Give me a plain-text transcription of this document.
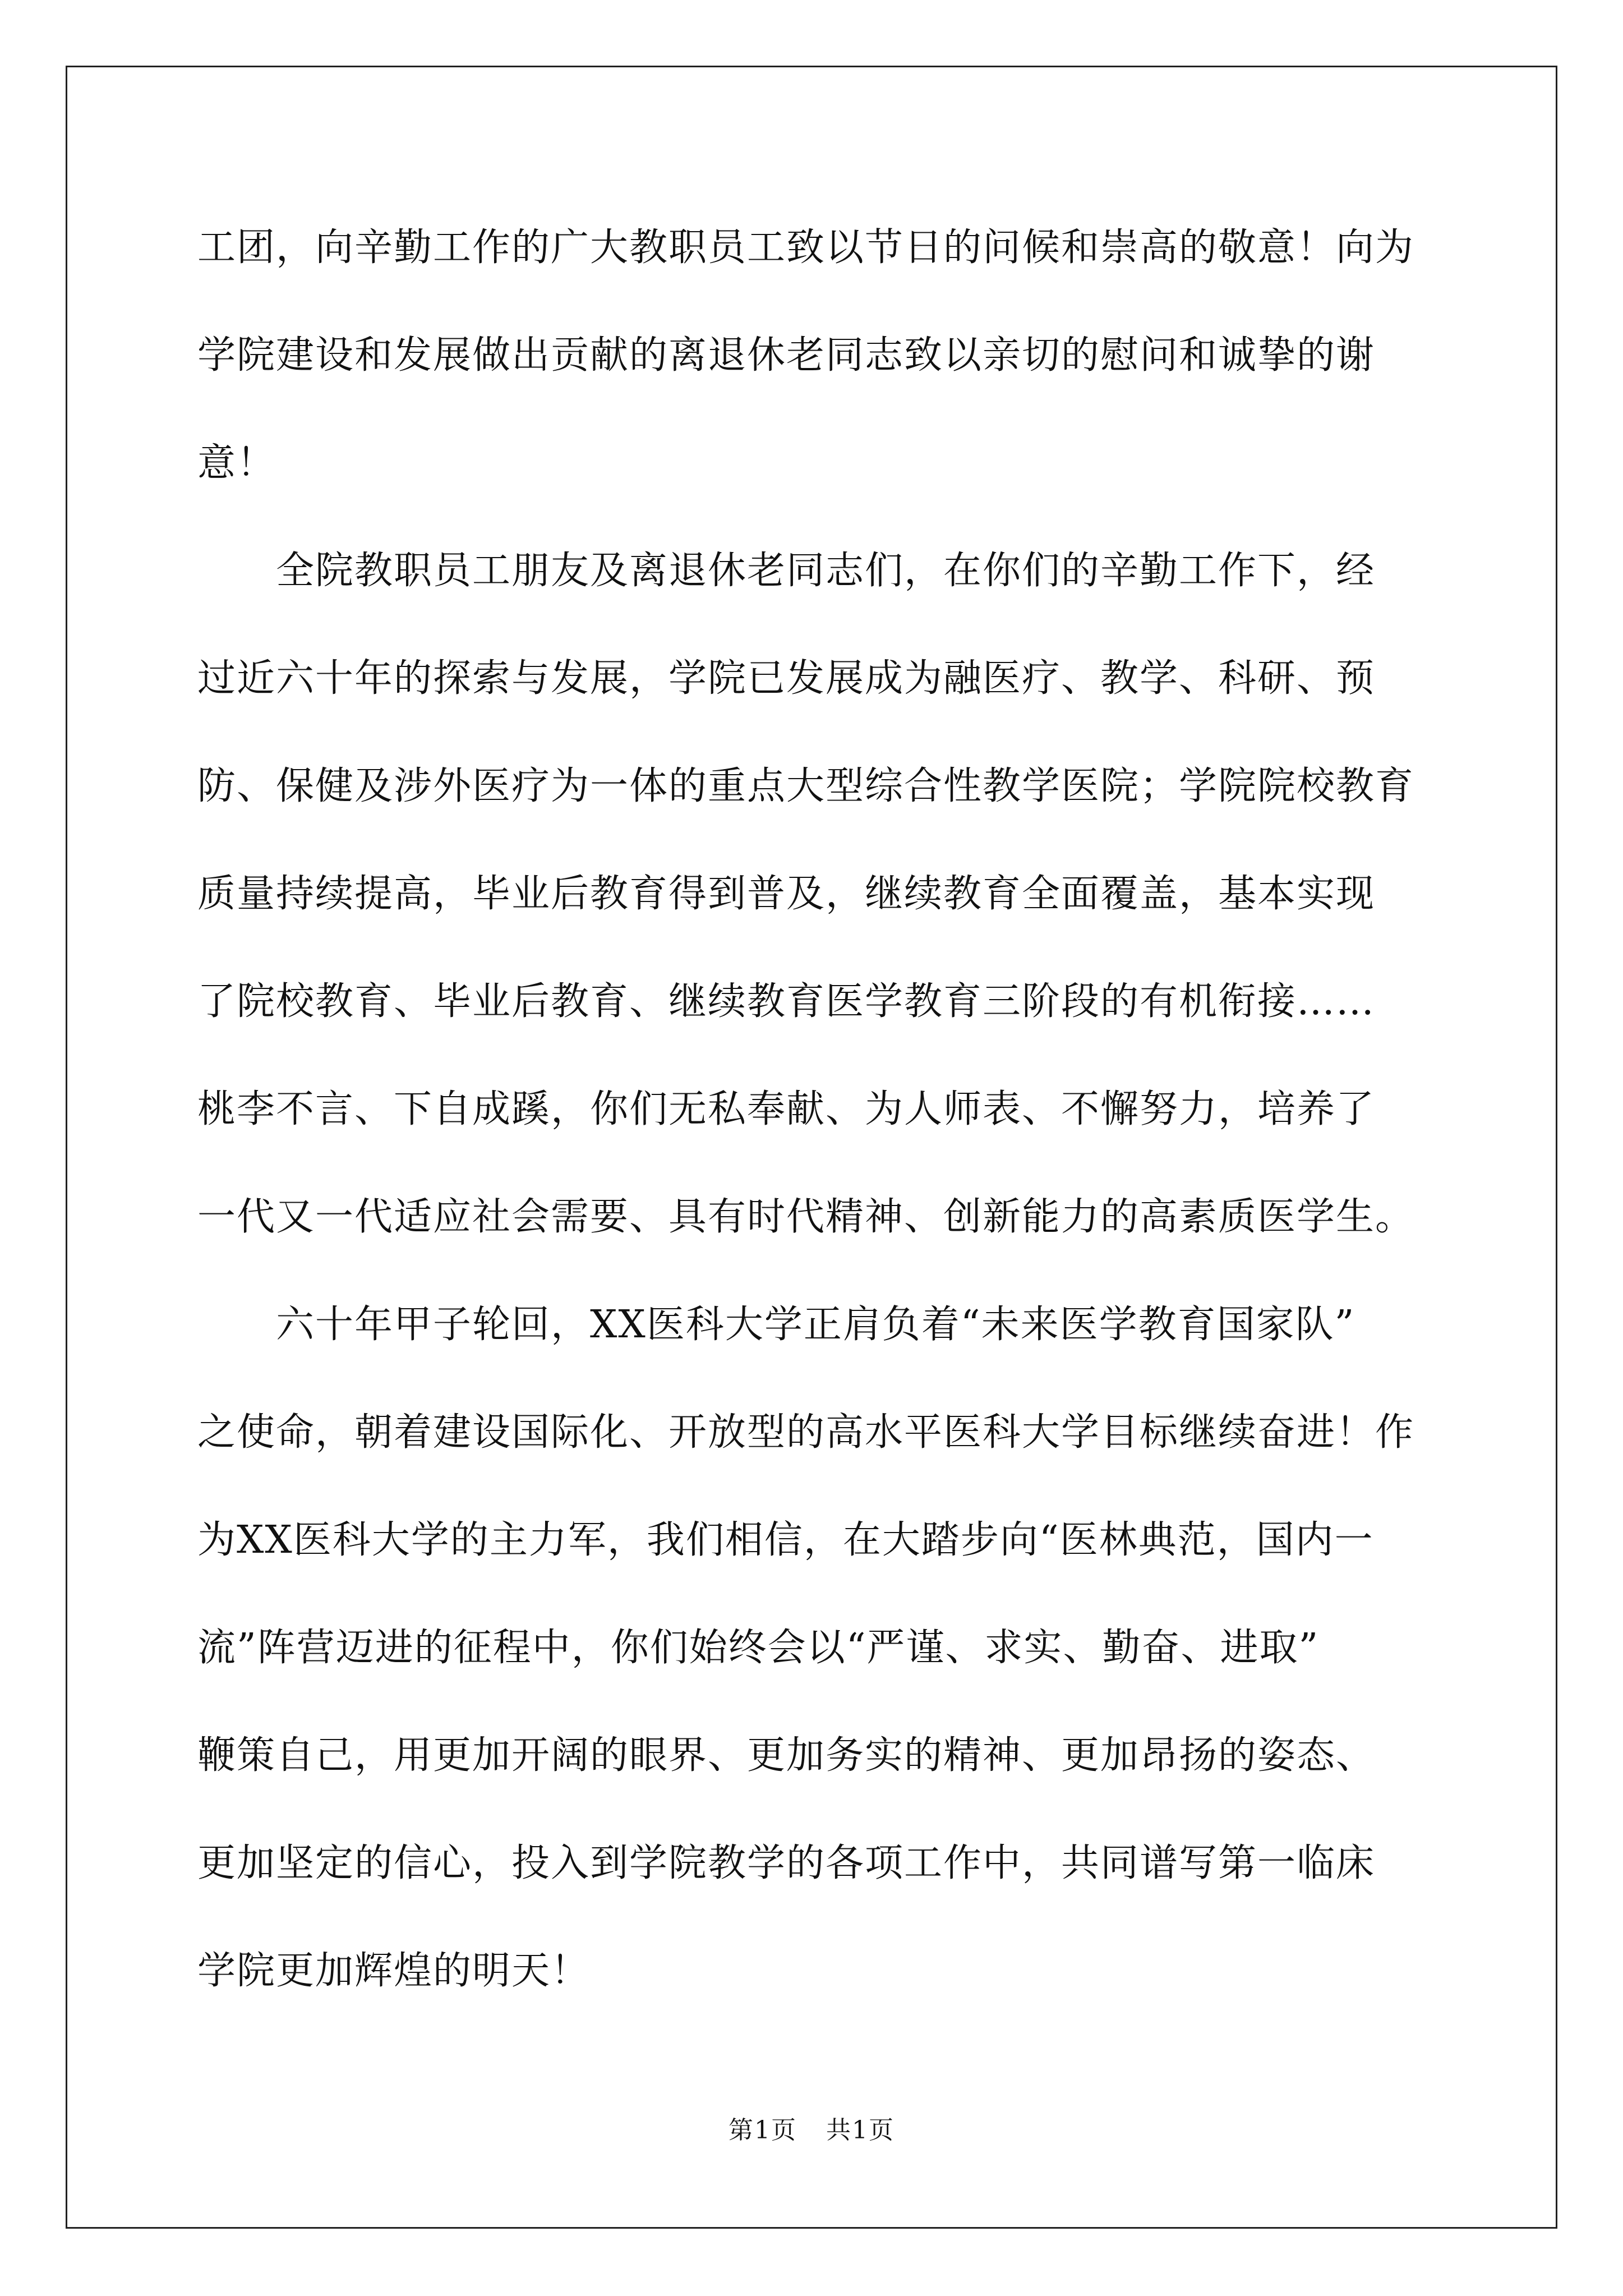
工团，向辛勤工作的广大教职员工致以节日的问候和崇高的敬意！向为
学院建设和发展做出贡献的离退休老同志致以亲切的慰问和诚挚的谢
意！
全院教职员工朋友及离退休老同志们，在你们的辛勤工作下，经
过近六十年的探索与发展，学院已发展成为融医疗、教学、科研、预
防、保健及涉外医疗为一体的重点大型综合性教学医院；学院院校教育
质量持续提高，毕业后教育得到普及，继续教育全面覆盖，基本实现
了院校教育、毕业后教育、继续教育医学教育三阶段的有机衔接……
桃李不言、下自成蹊，你们无私奉献、为人师表、不懈努力，培养了
一代又一代适应社会需要、具有时代精神、创新能力的高素质医学生。
六十年甲子轮回，XX医科大学正肩负着“未来医学教育国家队”
之使命，朝着建设国际化、开放型的高水平医科大学目标继续奋进！作
为XX医科大学的主力军，我们相信，在大踏步向“医林典范，国内一
流”阵营迈进的征程中，你们始终会以“严谨、求实、勤奋、进取”
鞭策自己，用更加开阔的眼界、更加务实的精神、更加昂扬的姿态、
更加坚定的信心，投入到学院教学的各项工作中，共同谱写第一临床
学院更加辉煌的明天！
第1页 共1页
